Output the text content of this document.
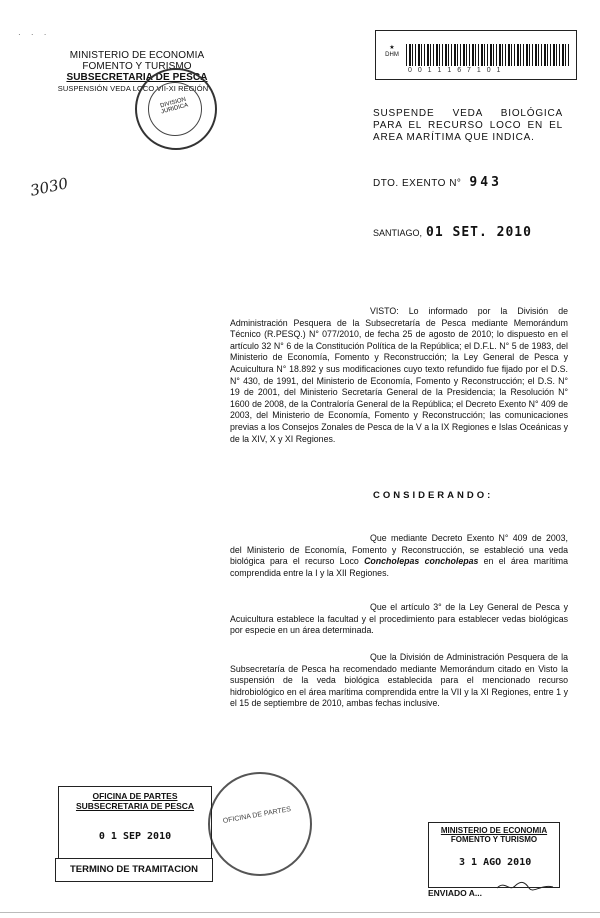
· · ·
MINISTERIO DE ECONOMIA
FOMENTO Y TURISMO
SUBSECRETARIA DE PESCA
SUSPENSIÓN VEDA LOCO VII-XI REGIÓN
DIVISION JURIDICA
3030
★
DHM
0 0 1 1 1 6 7 1 0 1
SUSPENDE VEDA BIOLÓGICA PARA EL RECURSO LOCO EN EL AREA MARÍTIMA QUE INDICA.
DTO. EXENTO N° 943
SANTIAGO, 01 SET. 2010
VISTO: Lo informado por la División de Administración Pesquera de la Subsecretaría de Pesca mediante Memorándum Técnico (R.PESQ.) N° 077/2010, de fecha 25 de agosto de 2010; lo dispuesto en el artículo 32 N° 6 de la Constitución Política de la República; el D.F.L. N° 5 de 1983, del Ministerio de Economía, Fomento y Reconstrucción; la Ley General de Pesca y Acuicultura N° 18.892 y sus modificaciones cuyo texto refundido fue fijado por el D.S. N° 430, de 1991, del Ministerio de Economía, Fomento y Reconstrucción; el D.S. N° 19 de 2001, del Ministerio Secretaría General de la Presidencia; la Resolución N° 1600 de 2008, de la Contraloría General de la República; el Decreto Exento N° 409 de 2003, del Ministerio de Economía, Fomento y Reconstrucción; las comunicaciones previas a los Consejos Zonales de Pesca de la V a la IX Regiones e Islas Oceánicas y de la XIV, X y XI Regiones.
CONSIDERANDO:
Que mediante Decreto Exento N° 409 de 2003, del Ministerio de Economía, Fomento y Reconstrucción, se estableció una veda biológica para el recurso Loco Concholepas concholepas en el área marítima comprendida entre la I y la XII Regiones.
Que el artículo 3° de la Ley General de Pesca y Acuicultura establece la facultad y el procedimiento para establecer vedas biológicas por especie en un área determinada.
Que la División de Administración Pesquera de la Subsecretaría de Pesca ha recomendado mediante Memorándum citado en Visto la suspensión de la veda biológica establecida para el mencionado recurso hidrobiológico en el área marítima comprendida entre la VII y la XI Regiones, entre 1 y el 15 de septiembre de 2010, ambas fechas inclusive.
OFICINA DE PARTES
OFICINA DE PARTES
SUBSECRETARIA DE PESCA
0 1 SEP 2010
TERMINO DE TRAMITACION
MINISTERIO DE ECONOMIA
FOMENTO Y TURISMO
3 1 AGO 2010
ENVIADO A...
